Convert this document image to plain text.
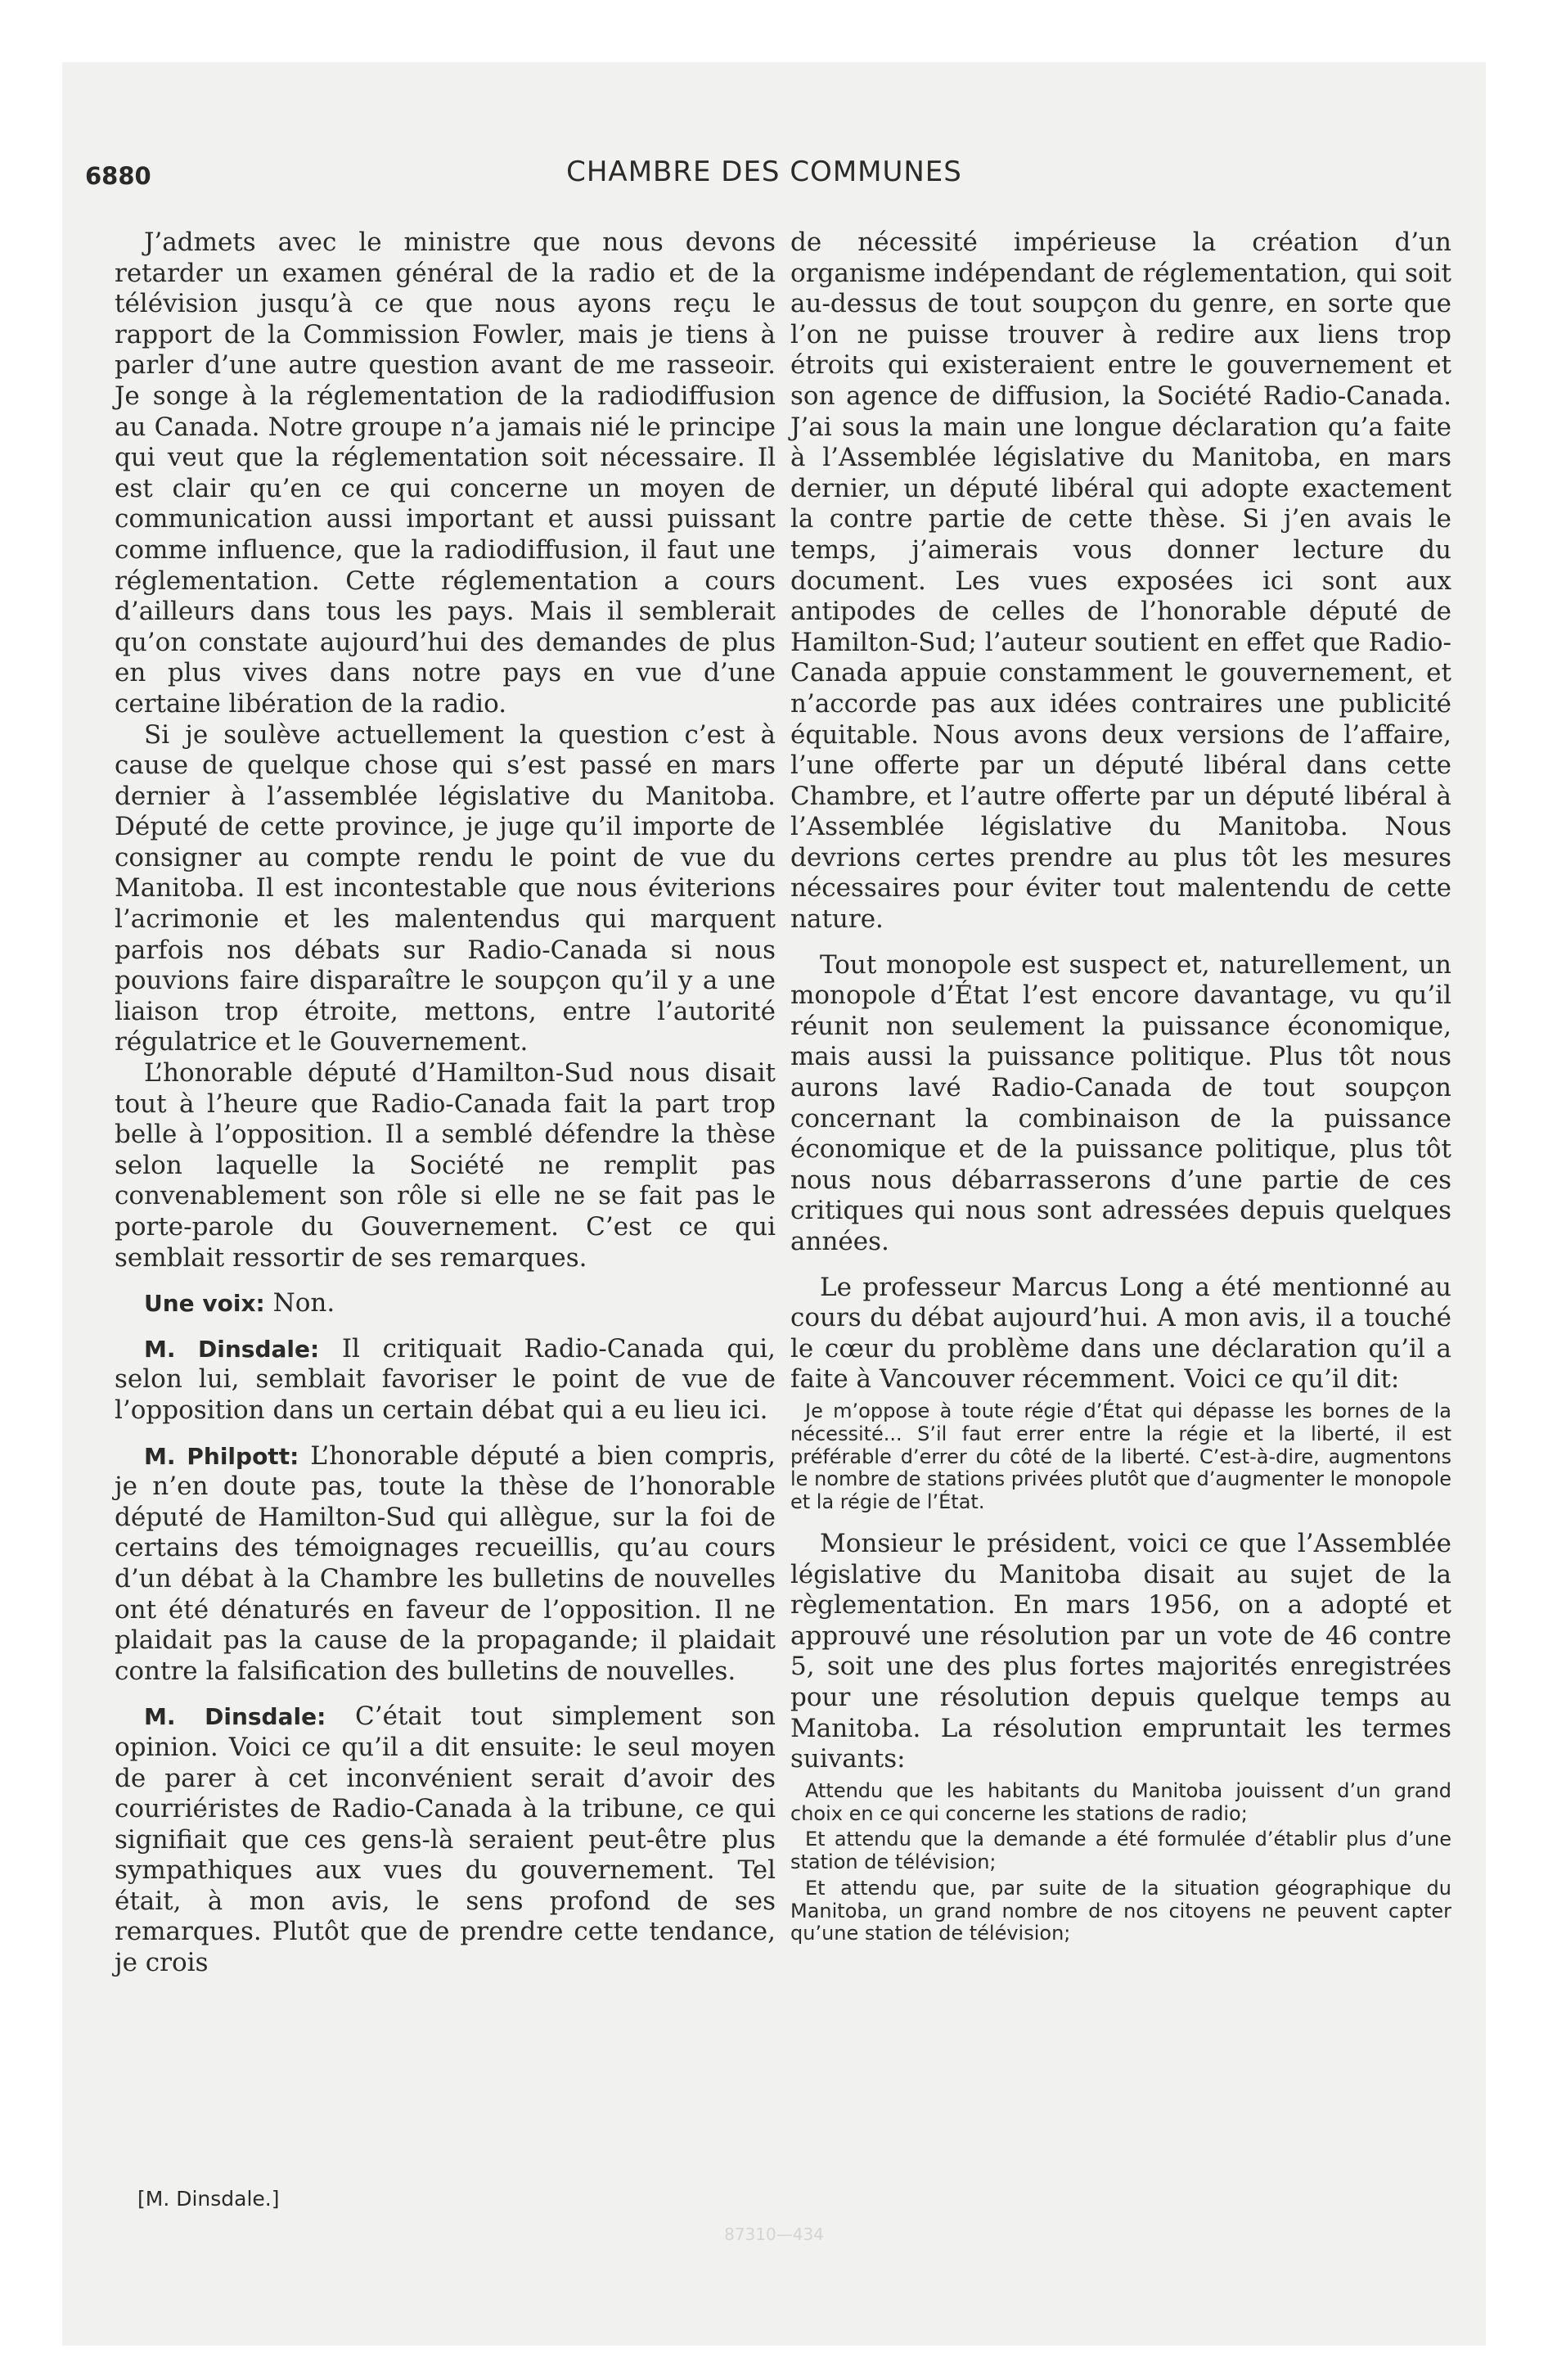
6880	CHAMBRE DES COMMUNES

J’admets avec le ministre que nous devons retarder un examen général de la radio et de la télévision jusqu’à ce que nous ayons reçu le rapport de la Commission Fowler, mais je tiens à parler d’une autre question avant de me rasseoir. Je songe à la réglementation de la radiodiffusion au Canada. Notre groupe n’a jamais nié le principe qui veut que la réglementation soit nécessaire. Il est clair qu’en ce qui concerne un moyen de communication aussi important et aussi puissant comme influence, que la radiodiffusion, il faut une réglementation. Cette réglementation a cours d’ailleurs dans tous les pays. Mais il semblerait qu’on constate aujourd’hui des demandes de plus en plus vives dans notre pays en vue d’une certaine libération de la radio.

Si je soulève actuellement la question c’est à cause de quelque chose qui s’est passé en mars dernier à l’assemblée législative du Manitoba. Député de cette province, je juge qu’il importe de consigner au compte rendu le point de vue du Manitoba. Il est incontestable que nous éviterions l’acrimonie et les malentendus qui marquent parfois nos débats sur Radio-Canada si nous pouvions faire disparaître le soupçon qu’il y a une liaison trop étroite, mettons, entre l’autorité régulatrice et le Gouvernement.

L’honorable député d’Hamilton-Sud nous disait tout à l’heure que Radio-Canada fait la part trop belle à l’opposition. Il a semblé défendre la thèse selon laquelle la Société ne remplit pas convenablement son rôle si elle ne se fait pas le porte-parole du Gouvernement. C’est ce qui semblait ressortir de ses remarques.

Une voix: Non.

M. Dinsdale: Il critiquait Radio-Canada qui, selon lui, semblait favoriser le point de vue de l’opposition dans un certain débat qui a eu lieu ici.

M. Philpott: L’honorable député a bien compris, je n’en doute pas, toute la thèse de l’honorable député de Hamilton-Sud qui allègue, sur la foi de certains des témoignages recueillis, qu’au cours d’un débat à la Chambre les bulletins de nouvelles ont été dénaturés en faveur de l’opposition. Il ne plaidait pas la cause de la propagande; il plaidait contre la falsification des bulletins de nouvelles.

M. Dinsdale: C’était tout simplement son opinion. Voici ce qu’il a dit ensuite: le seul moyen de parer à cet inconvénient serait d’avoir des courriéristes de Radio-Canada à la tribune, ce qui signifiait que ces gens-là seraient peut-être plus sympathiques aux vues du gouvernement. Tel était, à mon avis, le sens profond de ses remarques. Plutôt que de prendre cette tendance, je crois

de nécessité impérieuse la création d’un organisme indépendant de réglementation, qui soit au-dessus de tout soupçon du genre, en sorte que l’on ne puisse trouver à redire aux liens trop étroits qui existeraient entre le gouvernement et son agence de diffusion, la Société Radio-Canada. J’ai sous la main une longue déclaration qu’a faite à l’Assemblée législative du Manitoba, en mars dernier, un député libéral qui adopte exactement la contre partie de cette thèse. Si j’en avais le temps, j’aimerais vous donner lecture du document. Les vues exposées ici sont aux antipodes de celles de l’honorable député de Hamilton-Sud; l’auteur soutient en effet que Radio-Canada appuie constamment le gouvernement, et n’accorde pas aux idées contraires une publicité équitable. Nous avons deux versions de l’affaire, l’une offerte par un député libéral dans cette Chambre, et l’autre offerte par un député libéral à l’Assemblée législative du Manitoba. Nous devrions certes prendre au plus tôt les mesures nécessaires pour éviter tout malentendu de cette nature.

Tout monopole est suspect et, naturellement, un monopole d’État l’est encore davantage, vu qu’il réunit non seulement la puissance économique, mais aussi la puissance politique. Plus tôt nous aurons lavé Radio-Canada de tout soupçon concernant la combinaison de la puissance économique et de la puissance politique, plus tôt nous nous débarrasserons d’une partie de ces critiques qui nous sont adressées depuis quelques années.

Le professeur Marcus Long a été mentionné au cours du débat aujourd’hui. A mon avis, il a touché le cœur du problème dans une déclaration qu’il a faite à Vancouver récemment. Voici ce qu’il dit:

Je m’oppose à toute régie d’État qui dépasse les bornes de la nécessité... S’il faut errer entre la régie et la liberté, il est préférable d’errer du côté de la liberté. C’est-à-dire, augmentons le nombre de stations privées plutôt que d’augmenter le monopole et la régie de l’État.

Monsieur le président, voici ce que l’Assemblée législative du Manitoba disait au sujet de la règlementation. En mars 1956, on a adopté et approuvé une résolution par un vote de 46 contre 5, soit une des plus fortes majorités enregistrées pour une résolution depuis quelque temps au Manitoba. La résolution empruntait les termes suivants:

Attendu que les habitants du Manitoba jouissent d’un grand choix en ce qui concerne les stations de radio;

Et attendu que la demande a été formulée d’établir plus d’une station de télévision;

Et attendu que, par suite de la situation géographique du Manitoba, un grand nombre de nos citoyens ne peuvent capter qu’une station de télévision;

[M. Dinsdale.]
87310—434
